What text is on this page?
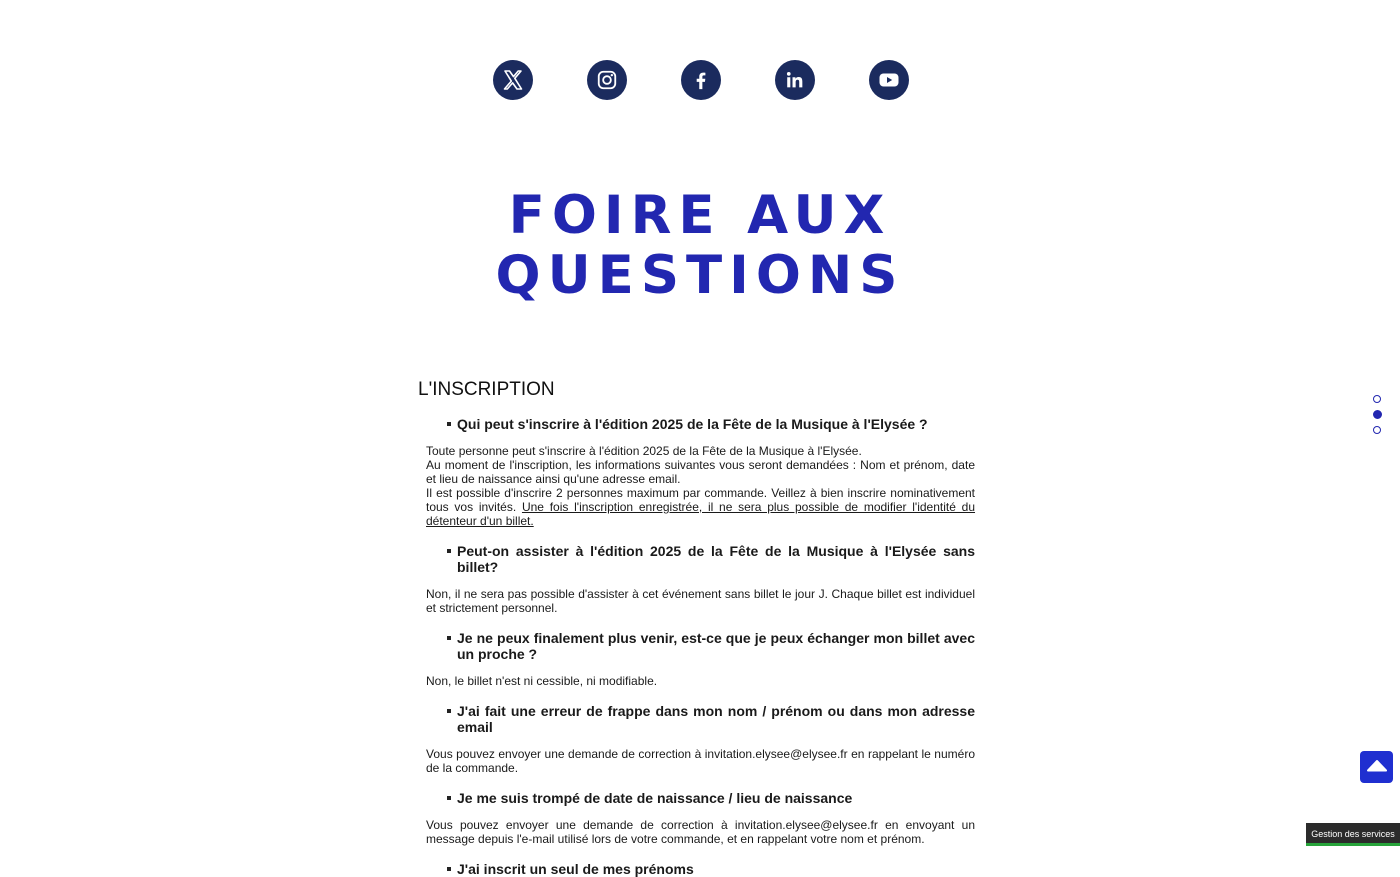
FOIRE AUX
QUESTIONS
L'INSCRIPTION
Qui peut s'inscrire à l'édition 2025 de la Fête de la Musique à l'Elysée ?

Toute personne peut s'inscrire à l'édition 2025 de la Fête de la Musique à l'Elysée.

Au moment de l'inscription, les informations suivantes vous seront demandées : Nom et prénom, date et lieu de naissance ainsi qu'une adresse email.

Il est possible d'inscrire 2 personnes maximum par commande. Veillez à bien inscrire nominativement tous vos invités. Une fois l'inscription enregistrée, il ne sera plus possible de modifier l'identité du détenteur d'un billet.

Peut-on assister à l'édition 2025 de la Fête de la Musique à l'Elysée sans billet?
Non, il ne sera pas possible d'assister à cet événement sans billet le jour J. Chaque billet est individuel et strictement personnel.
Je ne peux finalement plus venir, est-ce que je peux échanger mon billet avec un proche ?
Non, le billet n'est ni cessible, ni modifiable.
J'ai fait une erreur de frappe dans mon nom / prénom ou dans mon adresse email
Vous pouvez envoyer une demande de correction à invitation.elysee@elysee.fr en rappelant le numéro de la commande.
Je me suis trompé de date de naissance / lieu de naissance
Vous pouvez envoyer une demande de correction à invitation.elysee@elysee.fr en envoyant un message depuis l'e-mail utilisé lors de votre commande, et en rappelant votre nom et prénom.
J'ai inscrit un seul de mes prénoms
Gestion des services
